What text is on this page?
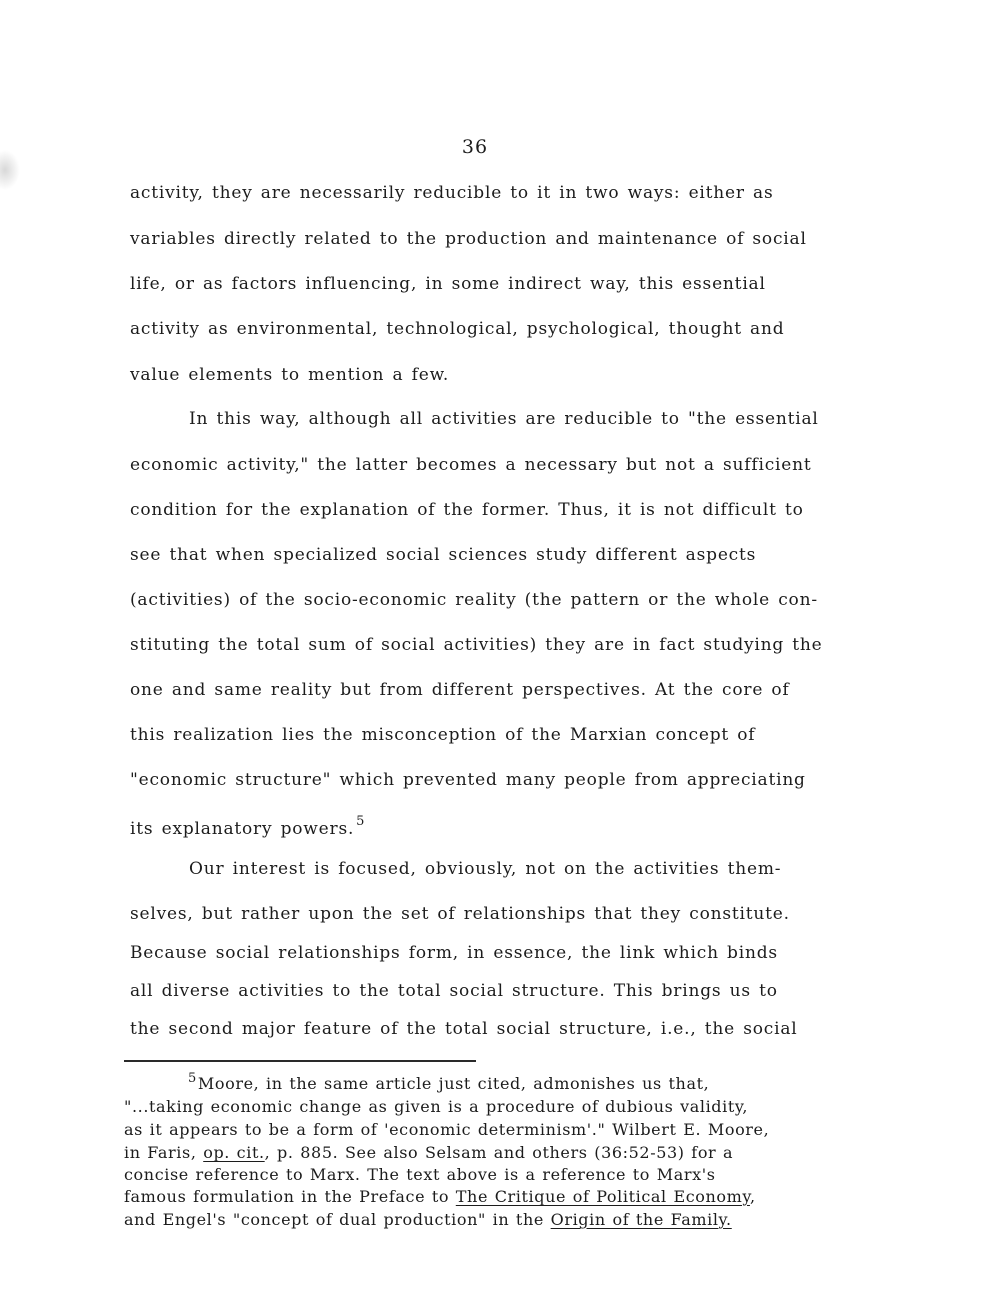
36
activity, they are necessarily reducible to it in two ways: either as
variables directly related to the production and maintenance of social
life, or as factors influencing, in some indirect way, this essential
activity as environmental, technological, psychological, thought and
value elements to mention a few.
In this way, although all activities are reducible to "the essential
economic activity," the latter becomes a necessary but not a sufficient
condition for the explanation of the former. Thus, it is not difficult to
see that when specialized social sciences study different aspects
(activities) of the socio-economic reality (the pattern or the whole con-
stituting the total sum of social activities) they are in fact studying the
one and same reality but from different perspectives. At the core of
this realization lies the misconception of the Marxian concept of
"economic structure" which prevented many people from appreciating
its explanatory powers. $^5$
Our interest is focused, obviously, not on the activities them-
selves, but rather upon the set of relationships that they constitute.
Because social relationships form, in essence, the link which binds
all diverse activities to the total social structure. This brings us to
the second major feature of the total social structure, i.e., the social
$^5$Moore, in the same article just cited, admonishes us that,
"...taking economic change as given is a procedure of dubious validity,
as it appears to be a form of 'economic determinism'." Wilbert E. Moore,
in Faris, op. cit., p. 885. See also Selsam and others (36:52-53) for a
concise reference to Marx. The text above is a reference to Marx's
famous formulation in the Preface to The Critique of Political Economy,
and Engel's "concept of dual production" in the Origin of the Family.
